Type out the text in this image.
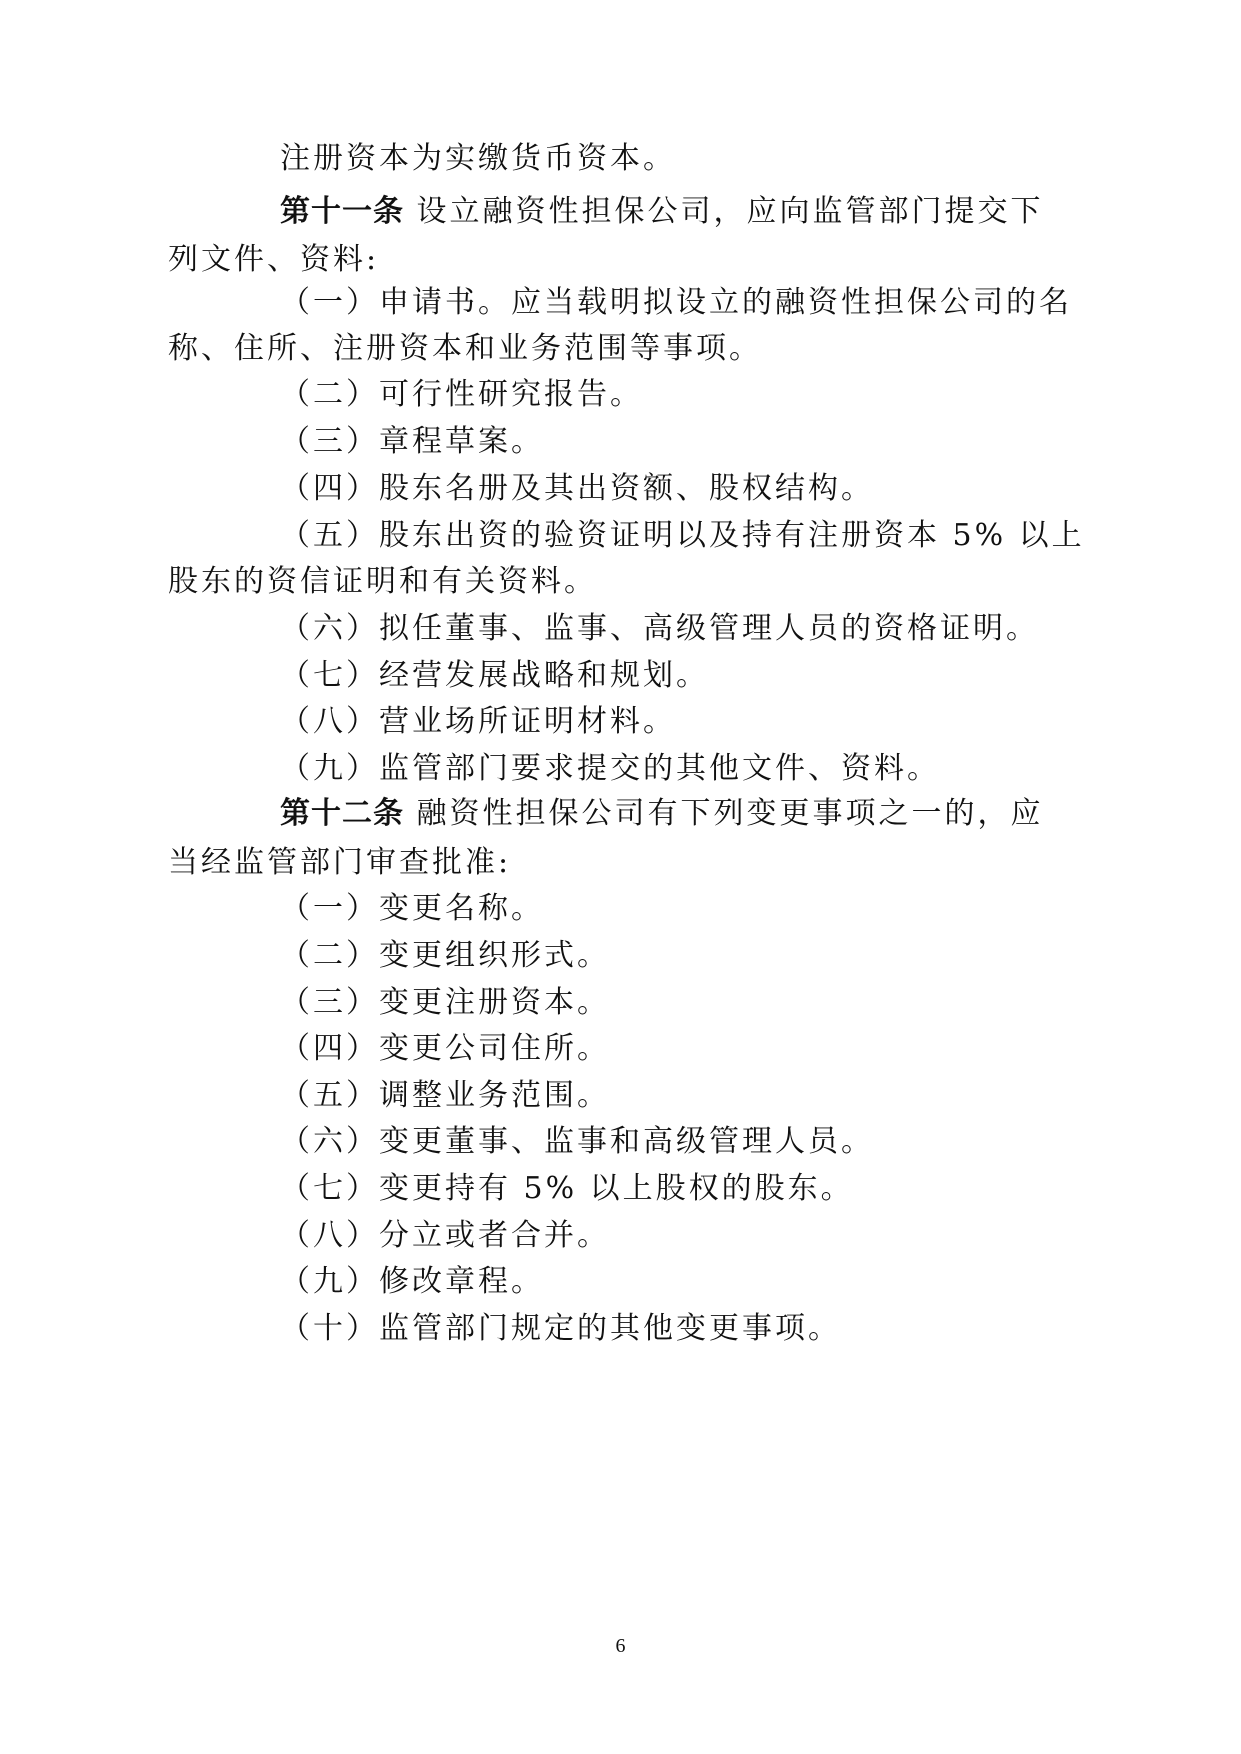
注册资本为实缴货币资本。
第十一条 设立融资性担保公司，应向监管部门提交下
列文件、资料:
（一）申请书。应当载明拟设立的融资性担保公司的名
称、住所、注册资本和业务范围等事项。
（二）可行性研究报告。
（三）章程草案。
（四）股东名册及其出资额、股权结构。
（五）股东出资的验资证明以及持有注册资本 5% 以上
股东的资信证明和有关资料。
（六）拟任董事、监事、高级管理人员的资格证明。
（七）经营发展战略和规划。
（八）营业场所证明材料。
（九）监管部门要求提交的其他文件、资料。
第十二条 融资性担保公司有下列变更事项之一的，应
当经监管部门审查批准:
（一）变更名称。
（二）变更组织形式。
（三）变更注册资本。
（四）变更公司住所。
（五）调整业务范围。
（六）变更董事、监事和高级管理人员。
（七）变更持有 5% 以上股权的股东。
（八）分立或者合并。
（九）修改章程。
（十）监管部门规定的其他变更事项。
6
